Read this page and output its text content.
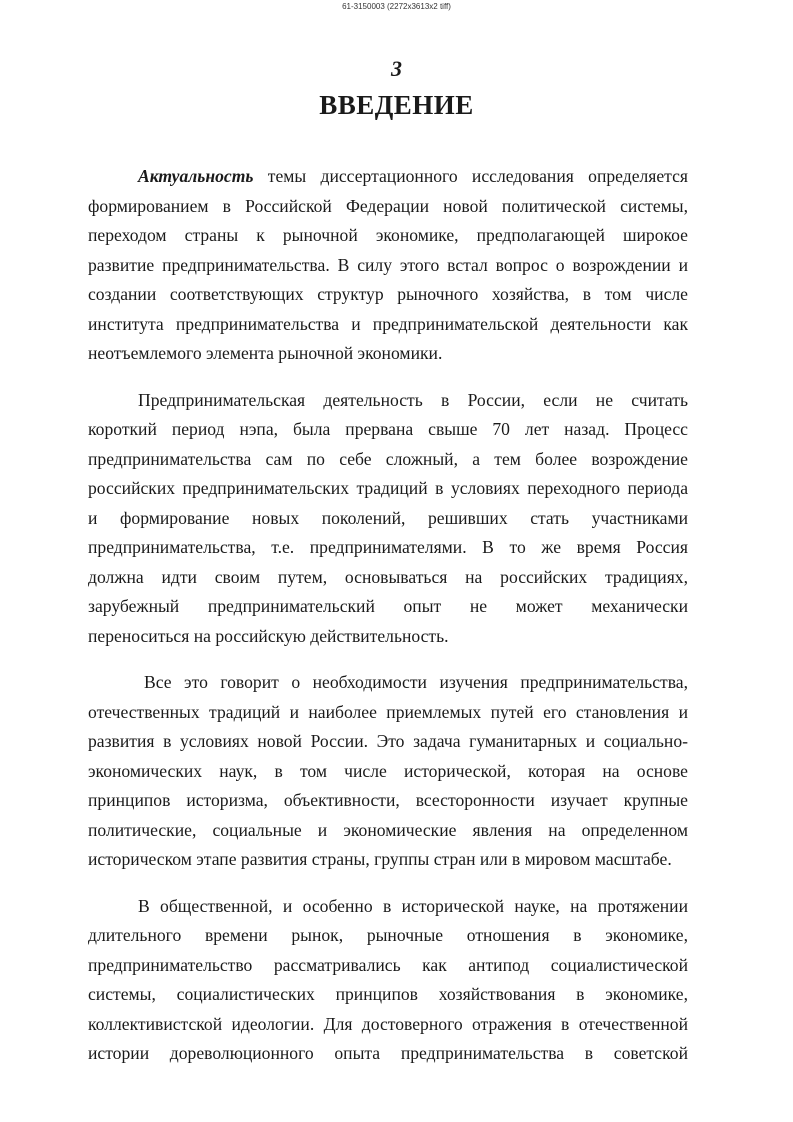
61-3150003 (2272x3613x2 tiff)
3
ВВЕДЕНИЕ
Актуальность темы диссертационного исследования определяется
формированием в Российской Федерации новой политической системы,
переходом страны к рыночной экономике, предполагающей широкое
развитие предпринимательства. В силу этого встал вопрос о возрождении и
создании соответствующих структур рыночного хозяйства, в том числе
института предпринимательства и предпринимательской деятельности как
неотъемлемого элемента рыночной экономики.
Предпринимательская деятельность в России, если не считать
короткий период нэпа, была прервана свыше 70 лет назад. Процесс
предпринимательства сам по себе сложный, а тем более возрождение
российских предпринимательских традиций в условиях переходного периода
и формирование новых поколений, решивших стать участниками
предпринимательства, т.е. предпринимателями. В то же время Россия
должна идти своим путем, основываться на российских традициях,
зарубежный предпринимательский опыт не может механически
переноситься на российскую действительность.
Все это говорит о необходимости изучения предпринимательства,
отечественных традиций и наиболее приемлемых путей его становления и
развития в условиях новой России. Это задача гуманитарных и социально-
экономических наук, в том числе исторической, которая на основе
принципов историзма, объективности, всесторонности изучает крупные
политические, социальные и экономические явления на определенном
историческом этапе развития страны, группы стран или в мировом масштабе.
В общественной, и особенно в исторической науке, на протяжении
длительного времени рынок, рыночные отношения в экономике,
предпринимательство рассматривались как антипод социалистической
системы, социалистических принципов хозяйствования в экономике,
коллективистской идеологии. Для достоверного отражения в отечественной
истории дореволюционного опыта предпринимательства в советской
